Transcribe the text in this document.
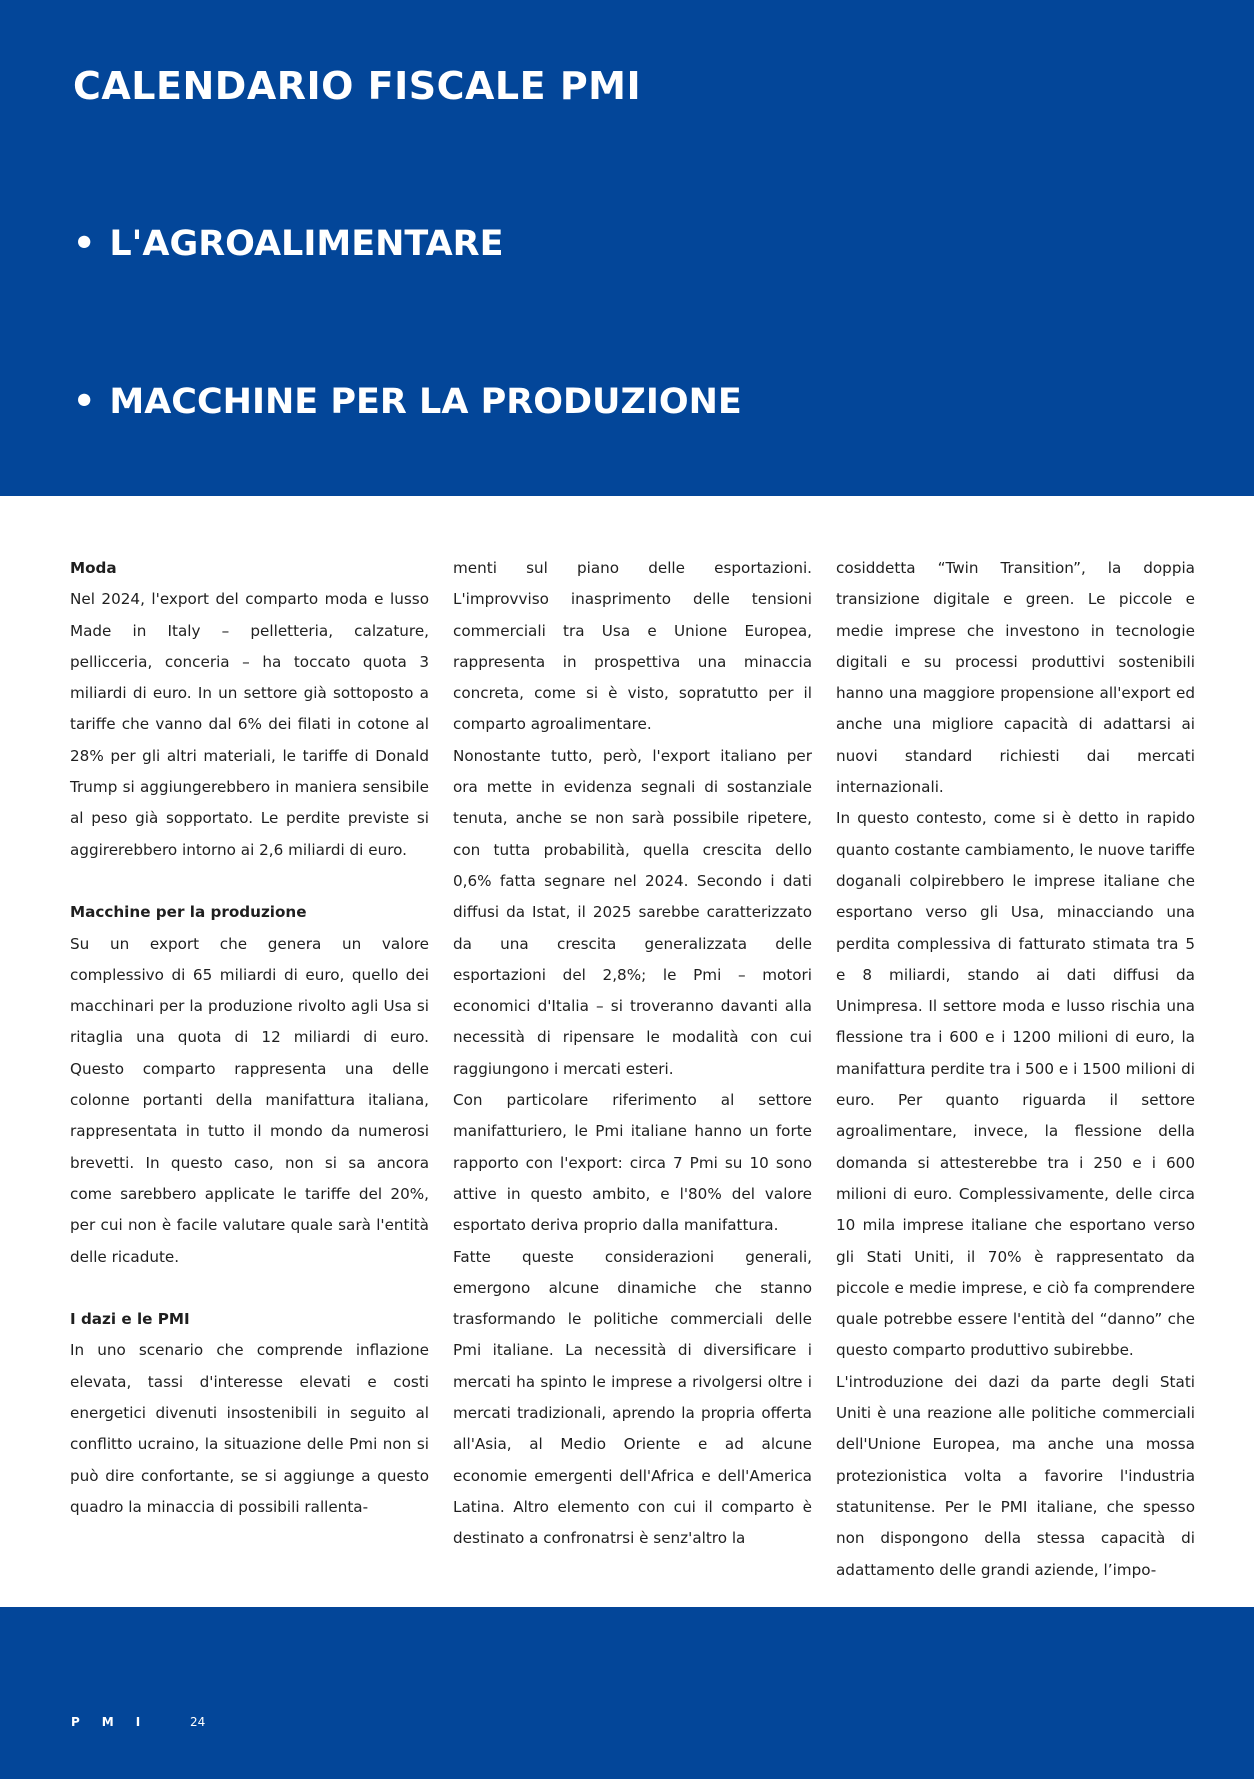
CALENDARIO FISCALE PMI
• L'AGROALIMENTARE
• MACCHINE PER LA PRODUZIONE
Moda

Nel 2024, l'export del comparto moda e lusso Made in Italy – pelletteria, calzature, pellicceria, conceria – ha toccato quota 3 miliardi di euro. In un settore già sottoposto a tariffe che vanno dal 6% dei filati in cotone al 28% per gli altri materiali, le tariffe di Donald Trump si aggiungerebbero in maniera sensibile al peso già sopportato. Le perdite previste si aggirerebbero intorno ai 2,6 miliardi di euro.

Macchine per la produzione

Su un export che genera un valore complessivo di 65 miliardi di euro, quello dei macchinari per la produzione rivolto agli Usa si ritaglia una quota di 12 miliardi di euro. Questo comparto rappresenta una delle colonne portanti della manifattura italiana, rappresentata in tutto il mondo da numerosi brevetti. In questo caso, non si sa ancora come sarebbero applicate le tariffe del 20%, per cui non è facile valutare quale sarà l'entità delle ricadute.

I dazi e le PMI

In uno scenario che comprende inflazione elevata, tassi d'interesse elevati e costi energetici divenuti insostenibili in seguito al conflitto ucraino, la situazione delle Pmi non si può dire confortante, se si aggiunge a questo quadro la minaccia di possibili rallenta-

menti sul piano delle esportazioni. L'improvviso inasprimento delle tensioni commerciali tra Usa e Unione Europea, rappresenta in prospettiva una minaccia concreta, come si è visto, sopratutto per il comparto agroalimentare.

Nonostante tutto, però, l'export italiano per ora mette in evidenza segnali di sostanziale tenuta, anche se non sarà possibile ripetere, con tutta probabilità, quella crescita dello 0,6% fatta segnare nel 2024. Secondo i dati diffusi da Istat, il 2025 sarebbe caratterizzato da una crescita generalizzata delle esportazioni del 2,8%; le Pmi – motori economici d'Italia – si troveranno davanti alla necessità di ripensare le modalità con cui raggiungono i mercati esteri.

Con particolare riferimento al settore manifatturiero, le Pmi italiane hanno un forte rapporto con l'export: circa 7 Pmi su 10 sono attive in questo ambito, e l'80% del valore esportato deriva proprio dalla manifattura.

Fatte queste considerazioni generali, emergono alcune dinamiche che stanno trasformando le politiche commerciali delle Pmi italiane. La necessità di diversificare i mercati ha spinto le imprese a rivolgersi oltre i mercati tradizionali, aprendo la propria offerta all'Asia, al Medio Oriente e ad alcune economie emergenti dell'Africa e dell'America Latina. Altro elemento con cui il comparto è destinato a confronatrsi è senz'altro la

cosiddetta “Twin Transition”, la doppia transizione digitale e green. Le piccole e medie imprese che investono in tecnologie digitali e su processi produttivi sostenibili hanno una maggiore propensione all'export ed anche una migliore capacità di adattarsi ai nuovi standard richiesti dai mercati internazionali.

In questo contesto, come si è detto in rapido quanto costante cambiamento, le nuove tariffe doganali colpirebbero le imprese italiane che esportano verso gli Usa, minacciando una perdita complessiva di fatturato stimata tra 5 e 8 miliardi, stando ai dati diffusi da Unimpresa. Il settore moda e lusso rischia una flessione tra i 600 e i 1200 milioni di euro, la manifattura perdite tra i 500 e i 1500 milioni di euro. Per quanto riguarda il settore agroalimentare, invece, la flessione della domanda si attesterebbe tra i 250 e i 600 milioni di euro. Complessivamente, delle circa 10 mila imprese italiane che esportano verso gli Stati Uniti, il 70% è rappresentato da piccole e medie imprese, e ciò fa comprendere quale potrebbe essere l'entità del “danno” che questo comparto produttivo subirebbe.

L'introduzione dei dazi da parte degli Stati Uniti è una reazione alle politiche commerciali dell'Unione Europea, ma anche una mossa protezionistica volta a favorire l'industria statunitense. Per le PMI italiane, che spesso non dispongono della stessa capacità di adattamento delle grandi aziende, l’impo-

PMI 24
